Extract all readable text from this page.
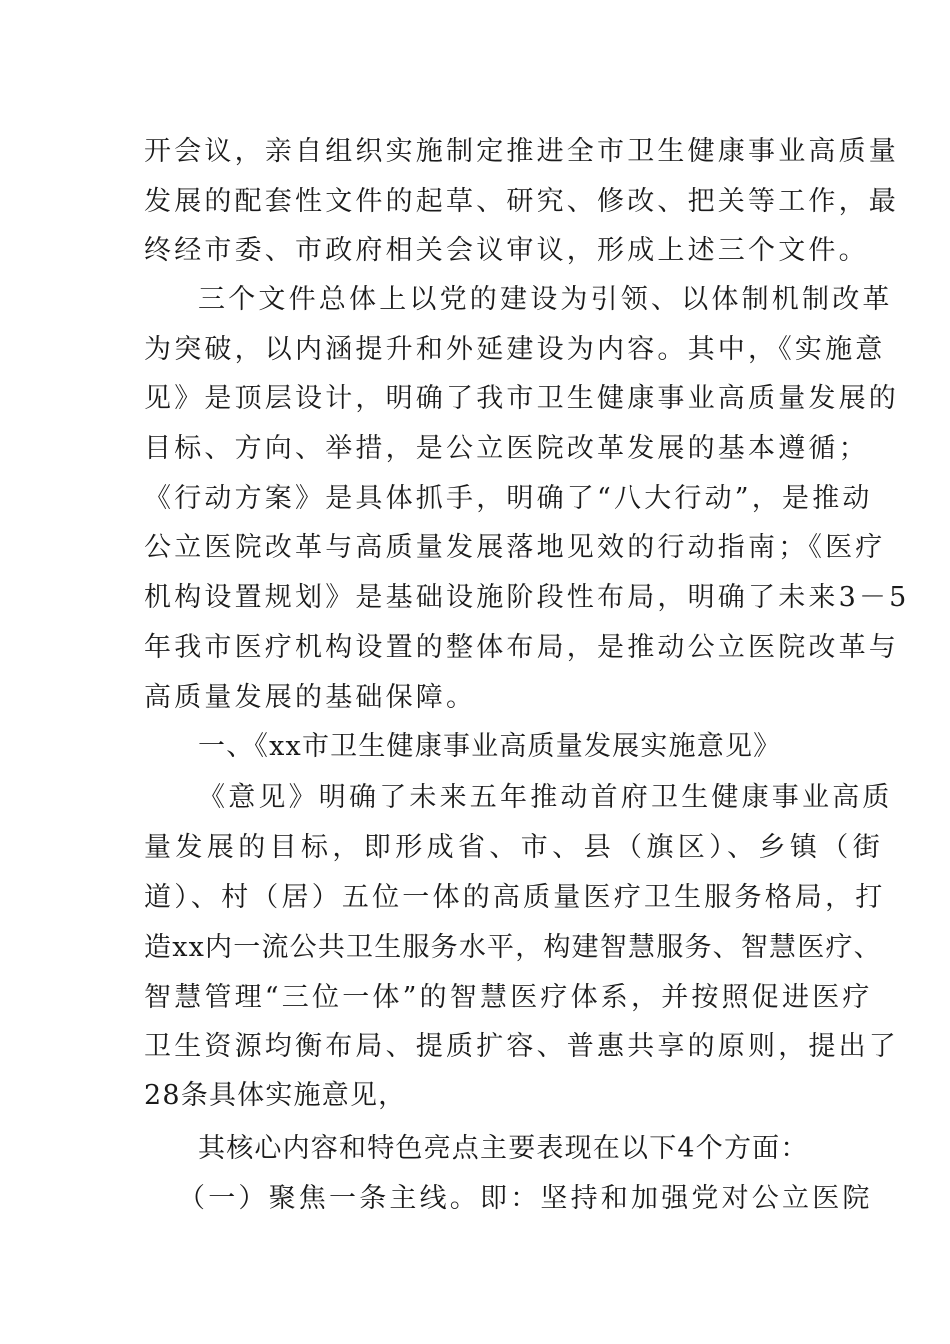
开会议，亲自组织实施制定推进全市卫生健康事业高质量

发展的配套性文件的起草、研究、修改、把关等工作，最

终经市委、市政府相关会议审议，形成上述三个文件。

三个文件总体上以党的建设为引领、以体制机制改革

为突破，以内涵提升和外延建设为内容。其中，《实施意

见》是顶层设计，明确了我市卫生健康事业高质量发展的

目标、方向、举措，是公立医院改革发展的基本遵循；

《行动方案》是具体抓手，明确了“八大行动”，是推动

公立医院改革与高质量发展落地见效的行动指南；《医疗

机构设置规划》是基础设施阶段性布局，明确了未来3－5

年我市医疗机构设置的整体布局，是推动公立医院改革与

高质量发展的基础保障。

一、《xx市卫生健康事业高质量发展实施意见》

《意见》明确了未来五年推动首府卫生健康事业高质

量发展的目标，即形成省、市、县（旗区）、乡镇（街

道）、村（居）五位一体的高质量医疗卫生服务格局，打

造xx内一流公共卫生服务水平，构建智慧服务、智慧医疗、

智慧管理“三位一体”的智慧医疗体系，并按照促进医疗

卫生资源均衡布局、提质扩容、普惠共享的原则，提出了

28条具体实施意见，

其核心内容和特色亮点主要表现在以下4个方面：

（一）聚焦一条主线。即：坚持和加强党对公立医院
